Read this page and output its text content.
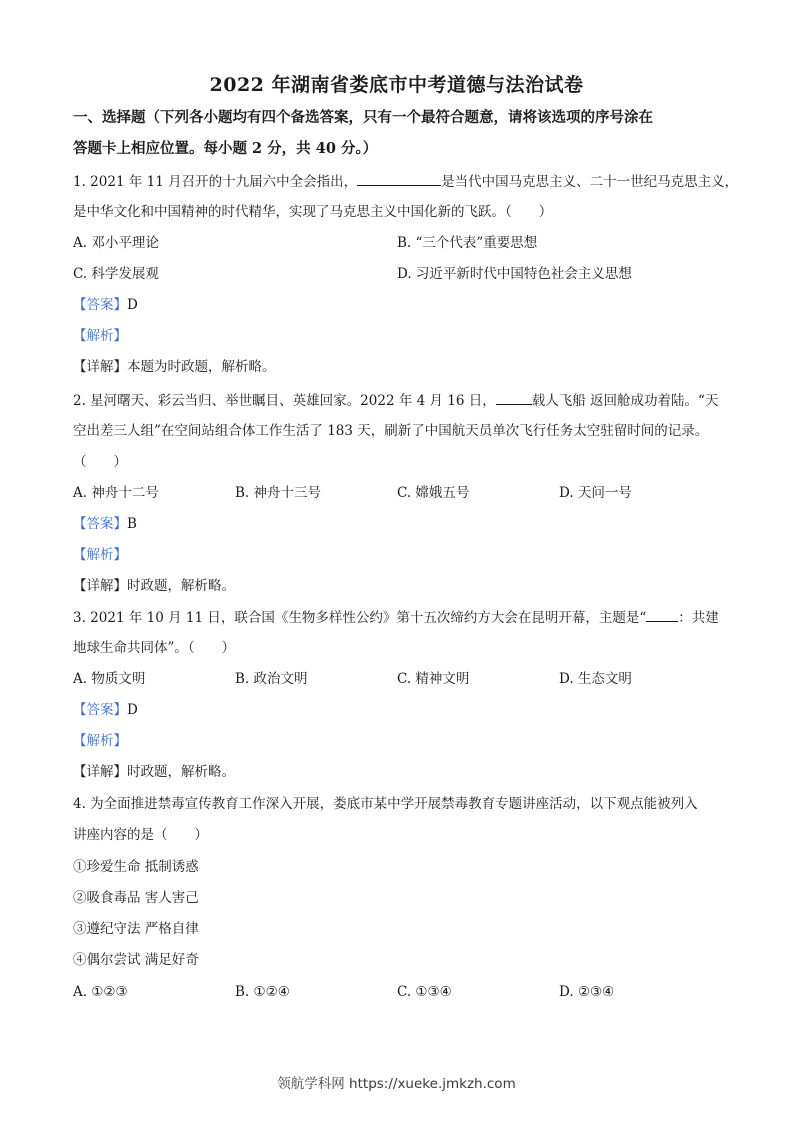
2022 年湖南省娄底市中考道德与法治试卷
一、选择题（下列各小题均有四个备选答案，只有一个最符合题意，请将该选项的序号涂在
答题卡上相应位置。每小题 2 分，共 40 分。）
1. 2021 年 11 月召开的十九届六中全会指出，	是当代中国马克思主义、二十一世纪马克思主义，
是中华文化和中国精神的时代精华，实现了马克思主义中国化新的飞跃。（　　）
A. 邓小平理论	B. “三个代表”重要思想
C. 科学发展观	D. 习近平新时代中国特色社会主义思想
【答案】D
【解析】
【详解】本题为时政题，解析略。
2. 星河曙天、彩云当归、举世瞩目、英雄回家。2022 年 4 月 16 日，	载人飞船 返回舱成功着陆。“天
空出差三人组”在空间站组合体工作生活了 183 天，刷新了中国航天员单次飞行任务太空驻留时间的记录。
（　　）
A. 神舟十二号	B. 神舟十三号	C. 嫦娥五号	D. 天问一号
【答案】B
【解析】
【详解】时政题，解析略。
3. 2021 年 10 月 11 日，联合国《生物多样性公约》第十五次缔约方大会在昆明开幕，主题是“ ：共建
地球生命共同体”。（　　）
A. 物质文明	B. 政治文明	C. 精神文明	D. 生态文明
【答案】D
【解析】
【详解】时政题，解析略。
4. 为全面推进禁毒宣传教育工作深入开展，娄底市某中学开展禁毒教育专题讲座活动，以下观点能被列入
讲座内容的是（　　）
①珍爱生命 抵制诱惑
②吸食毒品 害人害己
③遵纪守法 严格自律
④偶尔尝试 满足好奇
A. ①②③	B. ①②④	C. ①③④	D. ②③④
领航学科网 https://xueke.jmkzh.com
